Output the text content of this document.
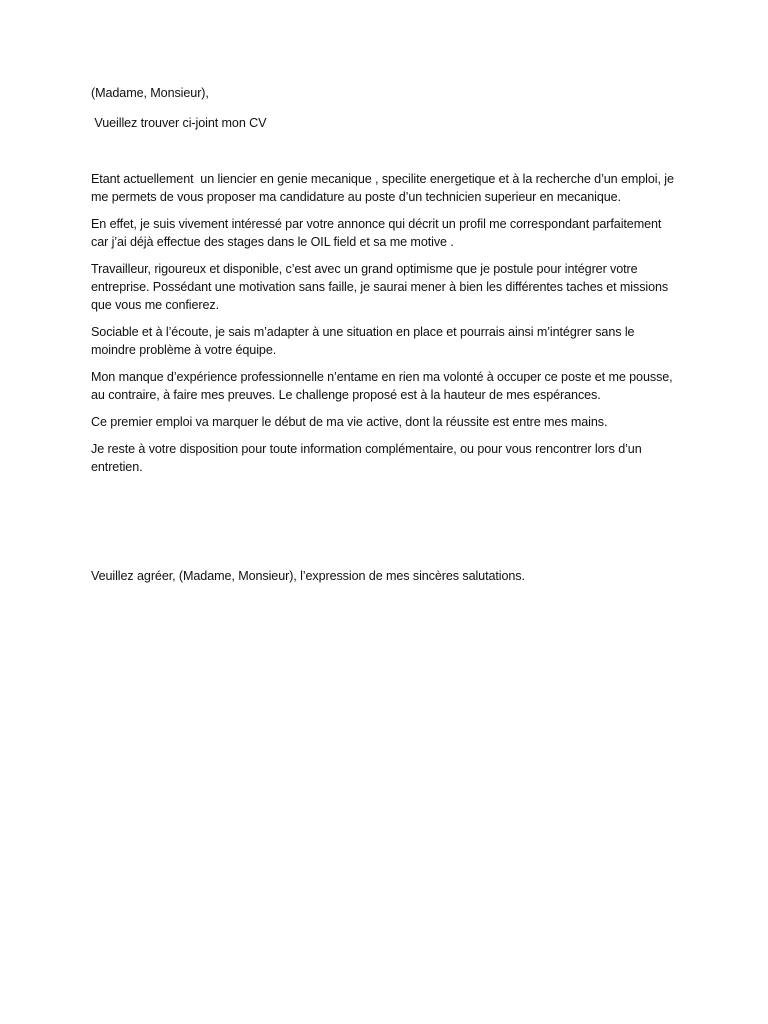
(Madame, Monsieur),

Vueillez trouver ci-joint mon CV

Etant actuellement  un liencier en genie mecanique , specilite energetique et à la recherche d’un emploi, je me permets de vous proposer ma candidature au poste d’un technicien superieur en mecanique.

En effet, je suis vivement intéressé par votre annonce qui décrit un profil me correspondant parfaitement car j’ai déjà effectue des stages dans le OIL field et sa me motive .

Travailleur, rigoureux et disponible, c’est avec un grand optimisme que je postule pour intégrer votre entreprise. Possédant une motivation sans faille, je saurai mener à bien les différentes taches et missions que vous me confierez.

Sociable et à l’écoute, je sais m’adapter à une situation en place et pourrais ainsi m’intégrer sans le moindre problème à votre équipe.

Mon manque d’expérience professionnelle n’entame en rien ma volonté à occuper ce poste et me pousse, au contraire, à faire mes preuves. Le challenge proposé est à la hauteur de mes espérances.

Ce premier emploi va marquer le début de ma vie active, dont la réussite est entre mes mains.

Je reste à votre disposition pour toute information complémentaire, ou pour vous rencontrer lors d’un entretien.

Veuillez agréer, (Madame, Monsieur), l’expression de mes sincères salutations.
